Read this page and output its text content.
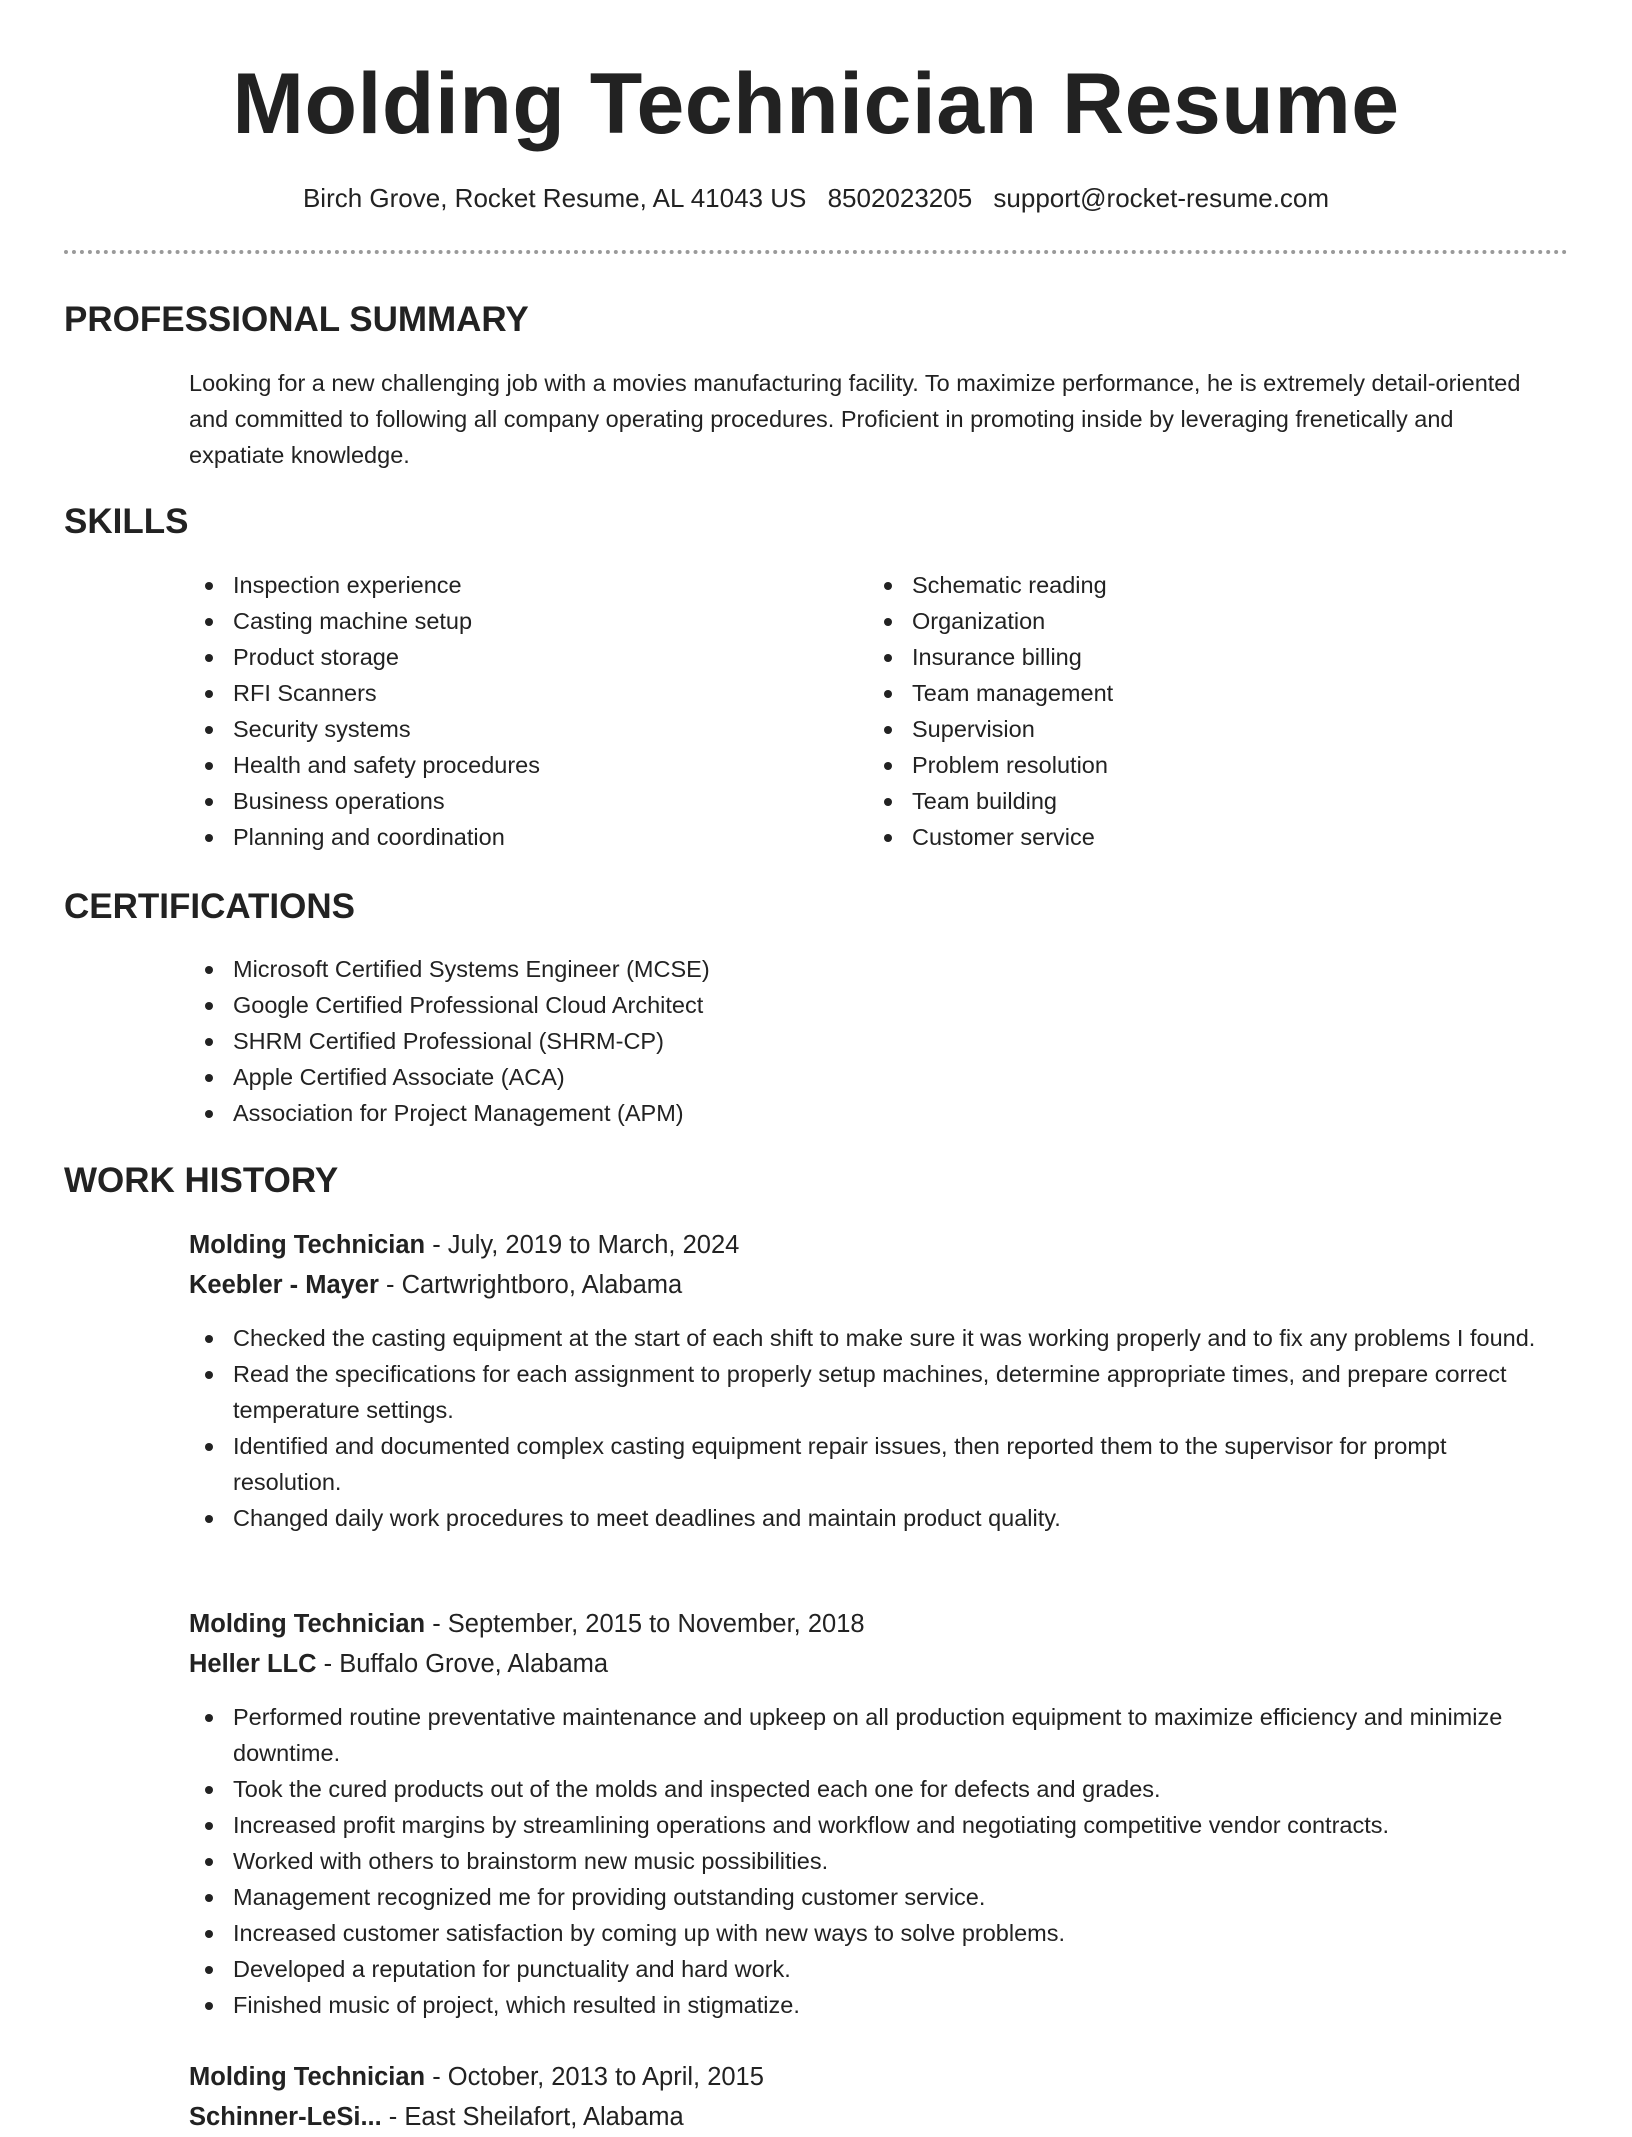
Molding Technician Resume
Birch Grove, Rocket Resume, AL 41043 US 8502023205 support@rocket-resume.com
PROFESSIONAL SUMMARY

Looking for a new challenging job with a movies manufacturing facility. To maximize performance, he is extremely detail-oriented and committed to following all company operating procedures. Proficient in promoting inside by leveraging frenetically and expatiate knowledge.

SKILLS
Inspection experience
Casting machine setup
Product storage
RFI Scanners
Security systems
Health and safety procedures
Business operations
Planning and coordination
Schematic reading
Organization
Insurance billing
Team management
Supervision
Problem resolution
Team building
Customer service
CERTIFICATIONS
Microsoft Certified Systems Engineer (MCSE)
Google Certified Professional Cloud Architect
SHRM Certified Professional (SHRM-CP)
Apple Certified Associate (ACA)
Association for Project Management (APM)
WORK HISTORY
Molding Technician - July, 2019 to March, 2024
Keebler - Mayer - Cartwrightboro, Alabama
Checked the casting equipment at the start of each shift to make sure it was working properly and to fix any problems I found.
Read the specifications for each assignment to properly setup machines, determine appropriate times, and prepare correct temperature settings.
Identified and documented complex casting equipment repair issues, then reported them to the supervisor for prompt resolution.
Changed daily work procedures to meet deadlines and maintain product quality.
Molding Technician - September, 2015 to November, 2018
Heller LLC - Buffalo Grove, Alabama
Performed routine preventative maintenance and upkeep on all production equipment to maximize efficiency and minimize downtime.
Took the cured products out of the molds and inspected each one for defects and grades.
Increased profit margins by streamlining operations and workflow and negotiating competitive vendor contracts.
Worked with others to brainstorm new music possibilities.
Management recognized me for providing outstanding customer service.
Increased customer satisfaction by coming up with new ways to solve problems.
Developed a reputation for punctuality and hard work.
Finished music of project, which resulted in stigmatize.
Molding Technician - October, 2013 to April, 2015
Schinner-LeSi... - East Sheilafort, Alabama
